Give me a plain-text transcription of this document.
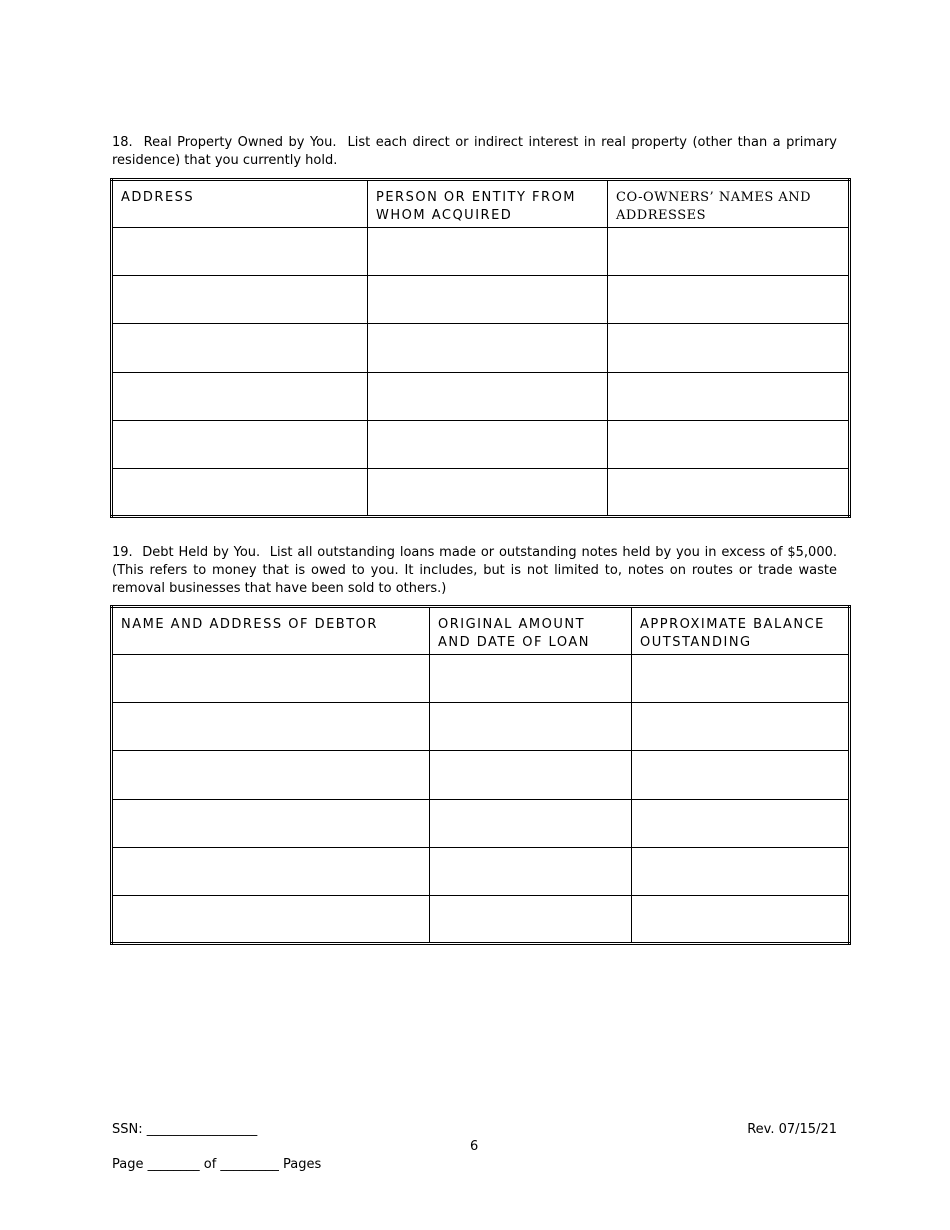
18. Real Property Owned by You. List each direct or indirect interest in real property (other than a primary residence) that you currently hold.
ADDRESS	PERSON OR ENTITY FROM WHOM ACQUIRED	CO-OWNERS’ NAMES AND ADDRESSES

19. Debt Held by You. List all outstanding loans made or outstanding notes held by you in excess of $5,000. (This refers to money that is owed to you. It includes, but is not limited to, notes on routes or trade waste removal businesses that have been sold to others.)
NAME AND ADDRESS OF DEBTOR	ORIGINAL AMOUNT AND DATE OF LOAN	APPROXIMATE BALANCE OUTSTANDING

SSN: _________________	Rev. 07/15/21
6
Page ________ of _________ Pages
